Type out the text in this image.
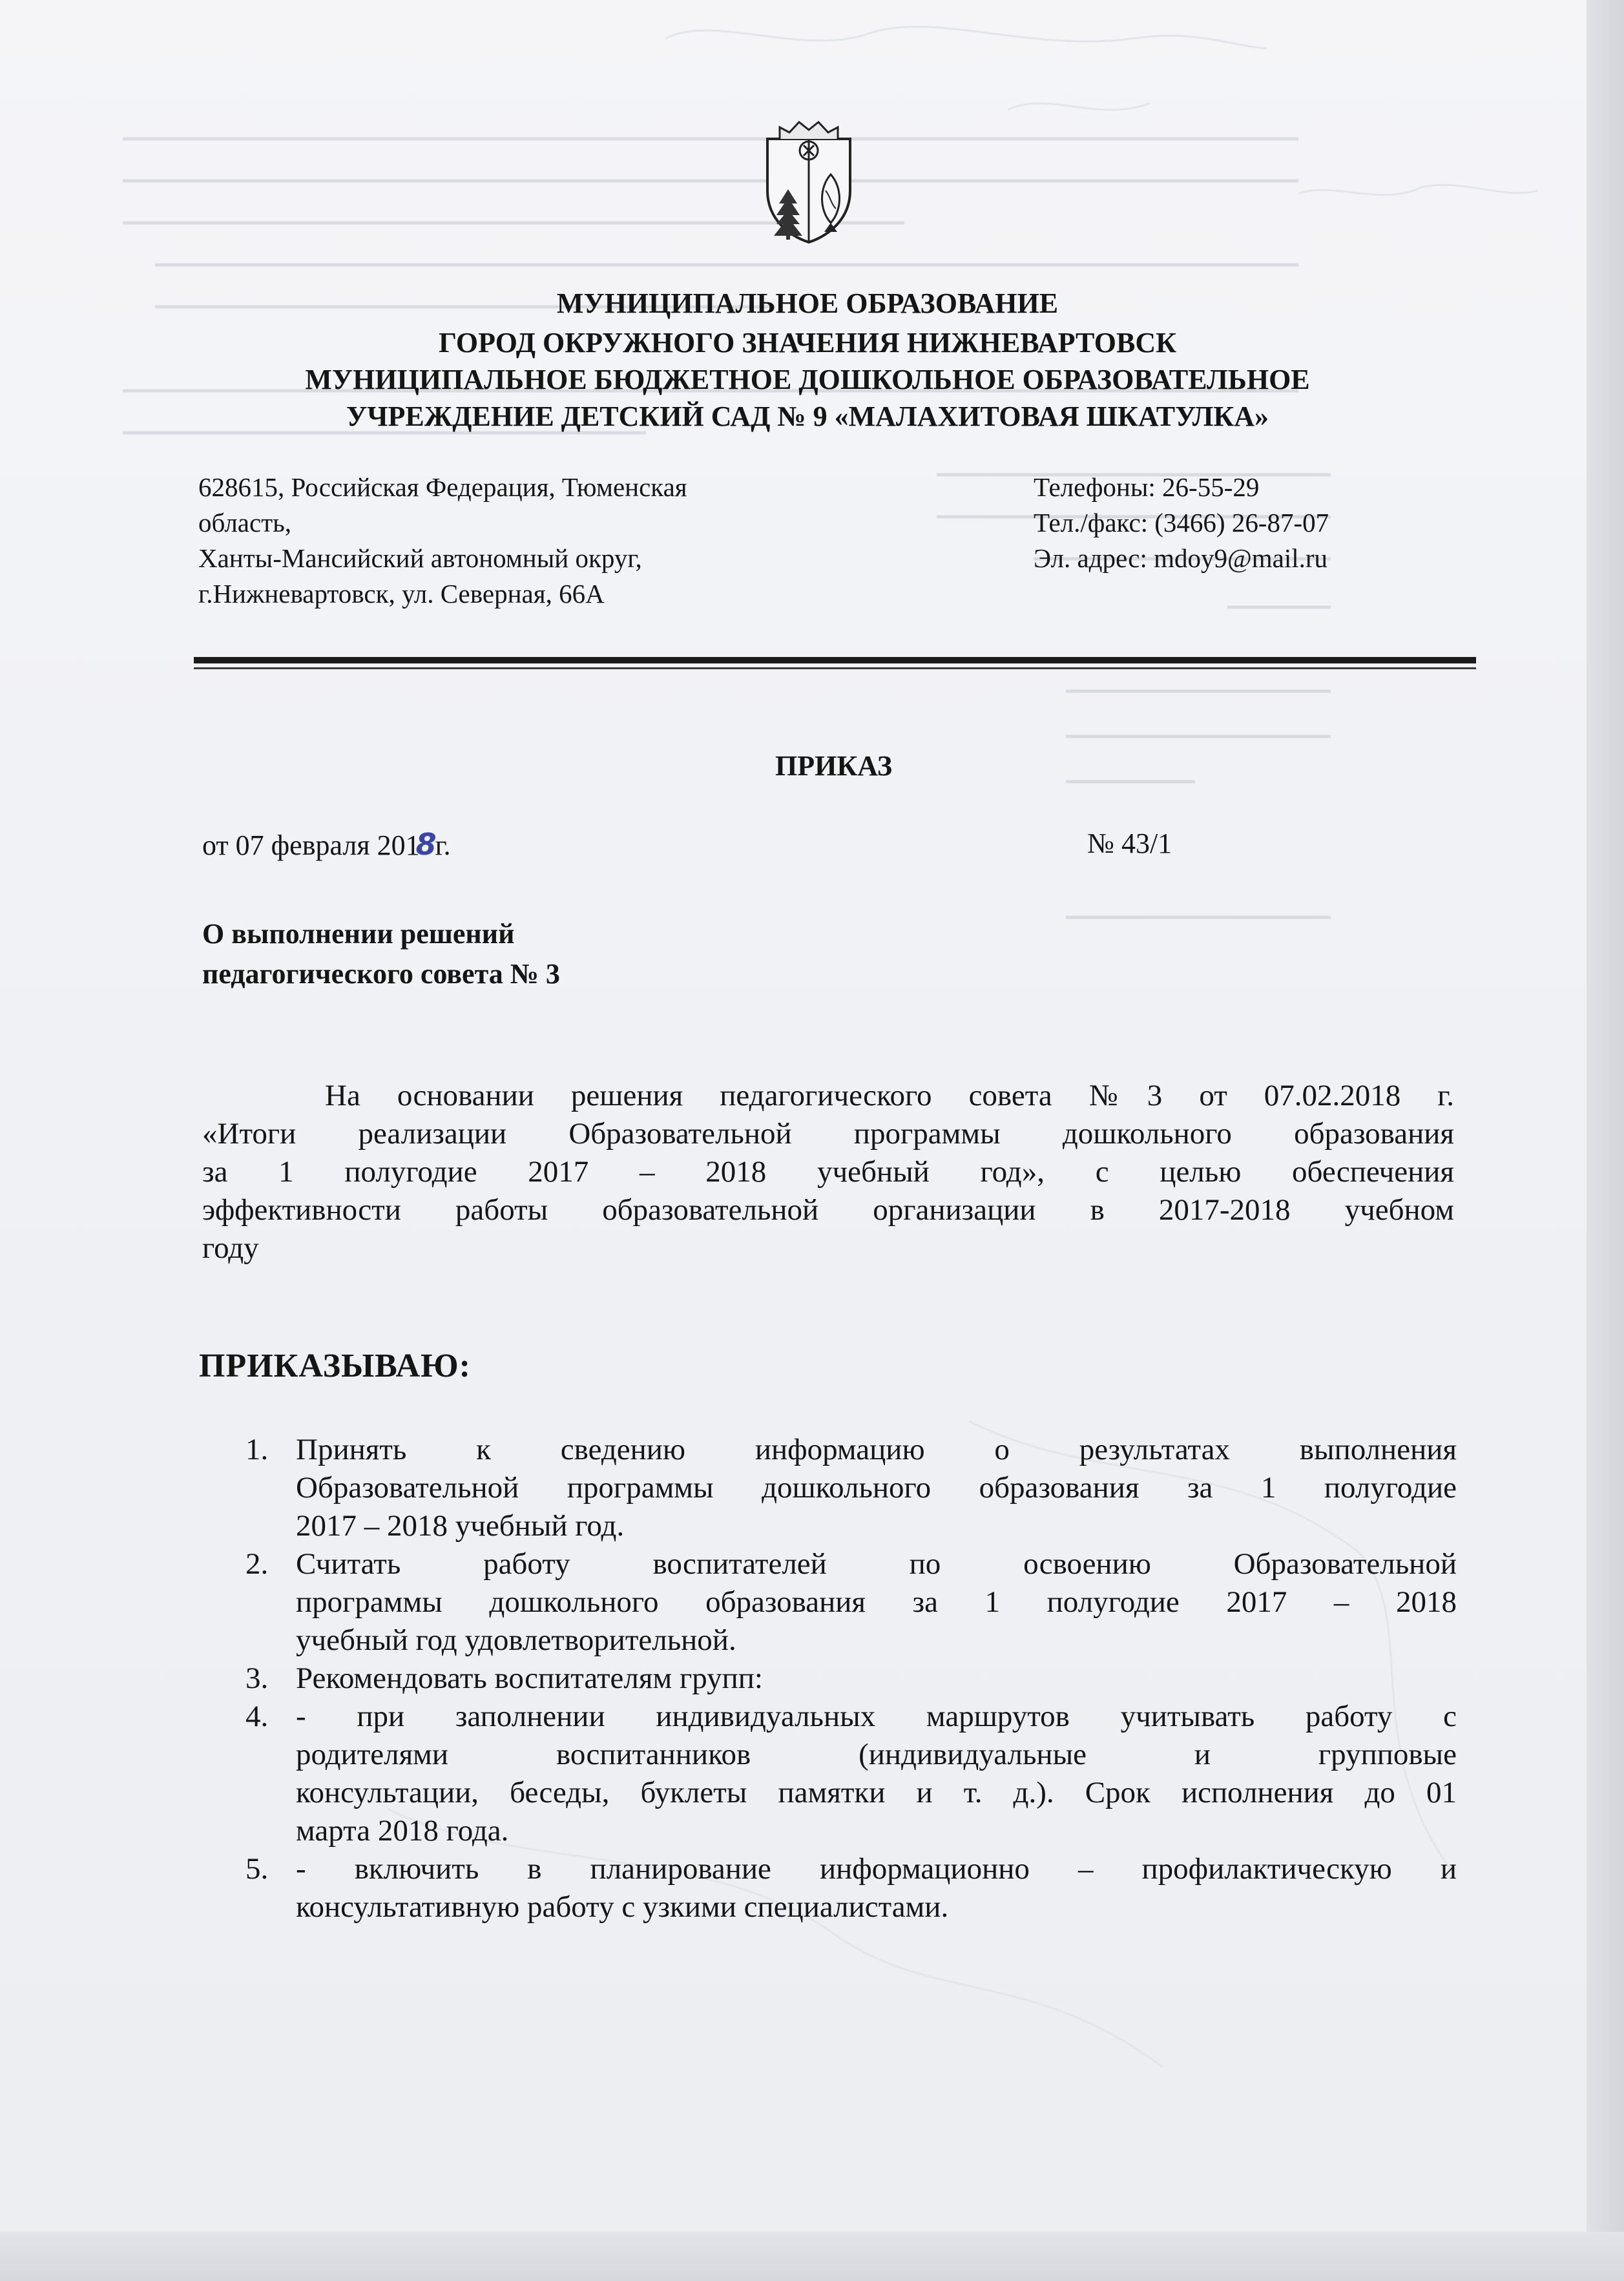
МУНИЦИПАЛЬНОЕ ОБРАЗОВАНИЕ
ГОРОД ОКРУЖНОГО ЗНАЧЕНИЯ НИЖНЕВАРТОВСК
МУНИЦИПАЛЬНОЕ БЮДЖЕТНОЕ ДОШКОЛЬНОЕ ОБРАЗОВАТЕЛЬНОЕ
УЧРЕЖДЕНИЕ ДЕТСКИЙ САД № 9 «МАЛАХИТОВАЯ ШКАТУЛКА»
628615, Российская Федерация, Тюменская
область,
Ханты-Мансийский автономный округ,
г.Нижневартовск, ул. Северная, 66А
Телефоны: 26-55-29
Тел./факс: (3466) 26-87-07
Эл. адрес: mdoy9@mail.ru
ПРИКАЗ
от 07 февраля 2018г.	№ 43/1
О выполнении решений
педагогического совета № 3
На основании решения педагогического совета №3 от 07.02.2018 г.
«Итоги реализации Образовательной программы дошкольного образования
за 1 полугодие 2017 – 2018 учебный год», с целью обеспечения
эффективности работы образовательной организации в 2017-2018 учебном
году
ПРИКАЗЫВАЮ:
1. Принять к сведению информацию о результатах выполнения
Образовательной программы дошкольного образования за 1 полугодие
2017 – 2018 учебный год.
2. Считать работу воспитателей по освоению Образовательной
программы дошкольного образования за 1 полугодие 2017 – 2018
учебный год удовлетворительной.
3. Рекомендовать воспитателям групп:
4. - при заполнении индивидуальных маршрутов учитывать работу с
родителями воспитанников (индивидуальные и групповые
консультации, беседы, буклеты памятки и т. д.). Срок исполнения до 01
марта 2018 года.
5. - включить в планирование информационно – профилактическую и
консультативную работу с узкими специалистами.
